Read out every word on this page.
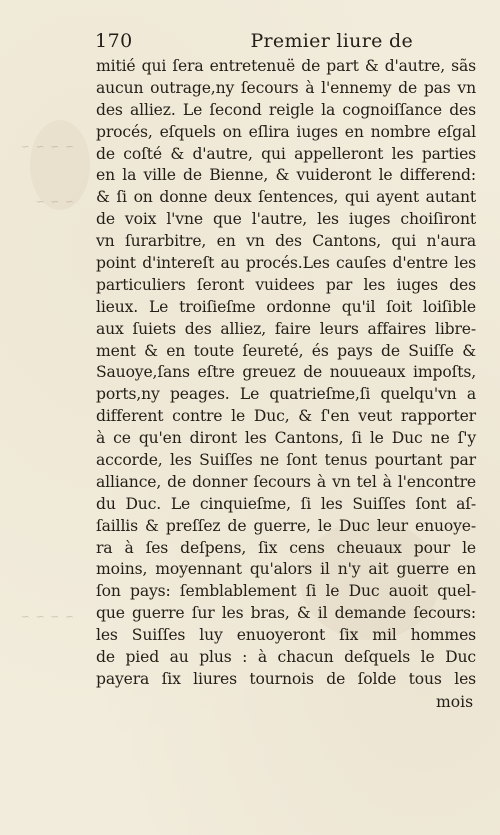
~ ~ ~ ~
~ ~ ~
~ ~ ~ ~
170	Premier liure de
mitié qui ſera entretenuë de part & d'autre, sãs
aucun outrage,ny ſecours à l'ennemy de pas vn
des alliez. Le ſecond reigle la cognoiſſance des
procés, eſquels on eſlira iuges en nombre eſgal
de coſté & d'autre, qui appelleront les parties
en la ville de Bienne, & vuideront le differend:
& ſi on donne deux ſentences, qui ayent autant
de voix l'vne que l'autre, les iuges choiſiront
vn ſurarbitre, en vn des Cantons, qui n'aura
point d'intereſt au procés.Les cauſes d'entre les
particuliers ſeront vuidees par les iuges des
lieux. Le troiſieſme ordonne qu'il ſoit loiſible
aux ſuiets des alliez, faire leurs affaires libre-
ment & en toute ſeureté, és pays de Suiſſe &
Sauoye,ſans eſtre greuez de nouueaux impoſts,
ports,ny peages. Le quatrieſme,ſi quelqu'vn a
different contre le Duc, & ſ'en veut rapporter
à ce qu'en diront les Cantons, ſi le Duc ne ſ'y
accorde, les Suiſſes ne ſont tenus pourtant par
alliance, de donner ſecours à vn tel à l'encontre
du Duc. Le cinquieſme, ſi les Suiſſes ſont aſ-
ſaillis & preſſez de guerre, le Duc leur enuoye-
ra à ſes deſpens, ſix cens cheuaux pour le
moins, moyennant qu'alors il n'y ait guerre en
ſon pays: ſemblablement ſi le Duc auoit quel-
que guerre ſur les bras, & il demande ſecours:
les Suiſſes luy enuoyeront ſix mil hommes
de pied au plus : à chacun deſquels le Duc
payera ſix liures tournois de ſolde tous les
mois
